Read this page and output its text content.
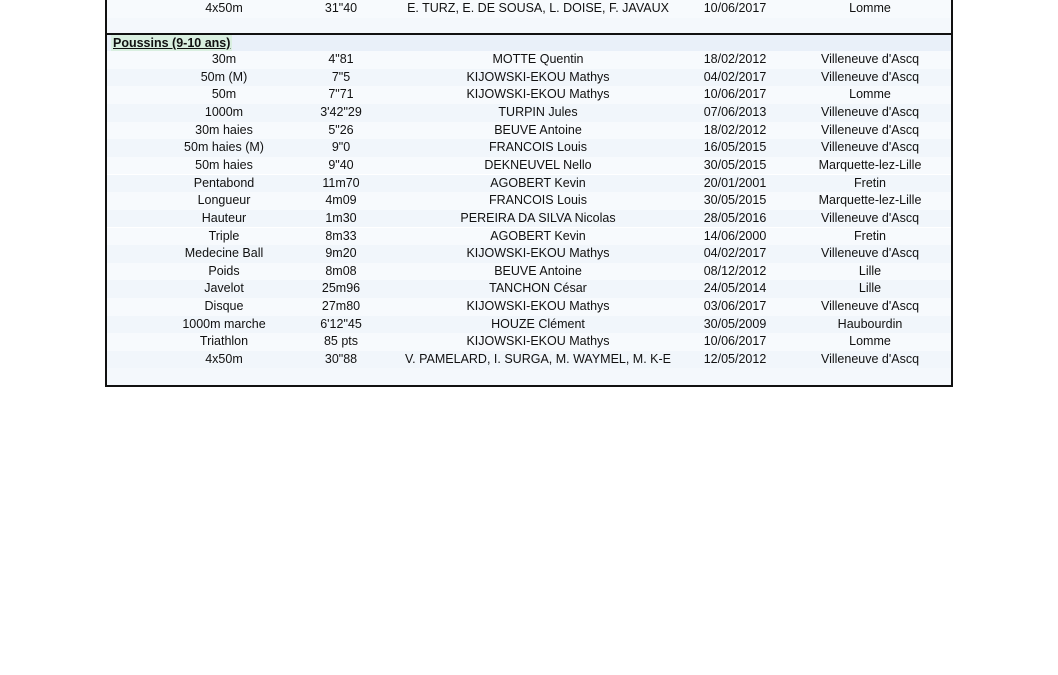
4x50m	31"40	E. TURZ, E. DE SOUSA, L. DOISE, F. JAVAUX	10/06/2017	Lomme
Poussins (9-10 ans)
30m	4"81	MOTTE Quentin	18/02/2012	Villeneuve d'Ascq
50m (M)	7"5	KIJOWSKI-EKOU Mathys	04/02/2017	Villeneuve d'Ascq
50m	7"71	KIJOWSKI-EKOU Mathys	10/06/2017	Lomme
1000m	3'42"29	TURPIN Jules	07/06/2013	Villeneuve d'Ascq
30m haies	5"26	BEUVE Antoine	18/02/2012	Villeneuve d'Ascq
50m haies (M)	9"0	FRANCOIS Louis	16/05/2015	Villeneuve d'Ascq
50m haies	9"40	DEKNEUVEL Nello	30/05/2015	Marquette-lez-Lille
Pentabond	11m70	AGOBERT Kevin	20/01/2001	Fretin
Longueur	4m09	FRANCOIS Louis	30/05/2015	Marquette-lez-Lille
Hauteur	1m30	PEREIRA DA SILVA Nicolas	28/05/2016	Villeneuve d'Ascq
Triple	8m33	AGOBERT Kevin	14/06/2000	Fretin
Medecine Ball	9m20	KIJOWSKI-EKOU Mathys	04/02/2017	Villeneuve d'Ascq
Poids	8m08	BEUVE Antoine	08/12/2012	Lille
Javelot	25m96	TANCHON César	24/05/2014	Lille
Disque	27m80	KIJOWSKI-EKOU Mathys	03/06/2017	Villeneuve d'Ascq
1000m marche	6'12"45	HOUZE Clément	30/05/2009	Haubourdin
Triathlon	85 pts	KIJOWSKI-EKOU Mathys	10/06/2017	Lomme
4x50m	30"88	V. PAMELARD, I. SURGA, M. WAYMEL, M. K-E	12/05/2012	Villeneuve d'Ascq
